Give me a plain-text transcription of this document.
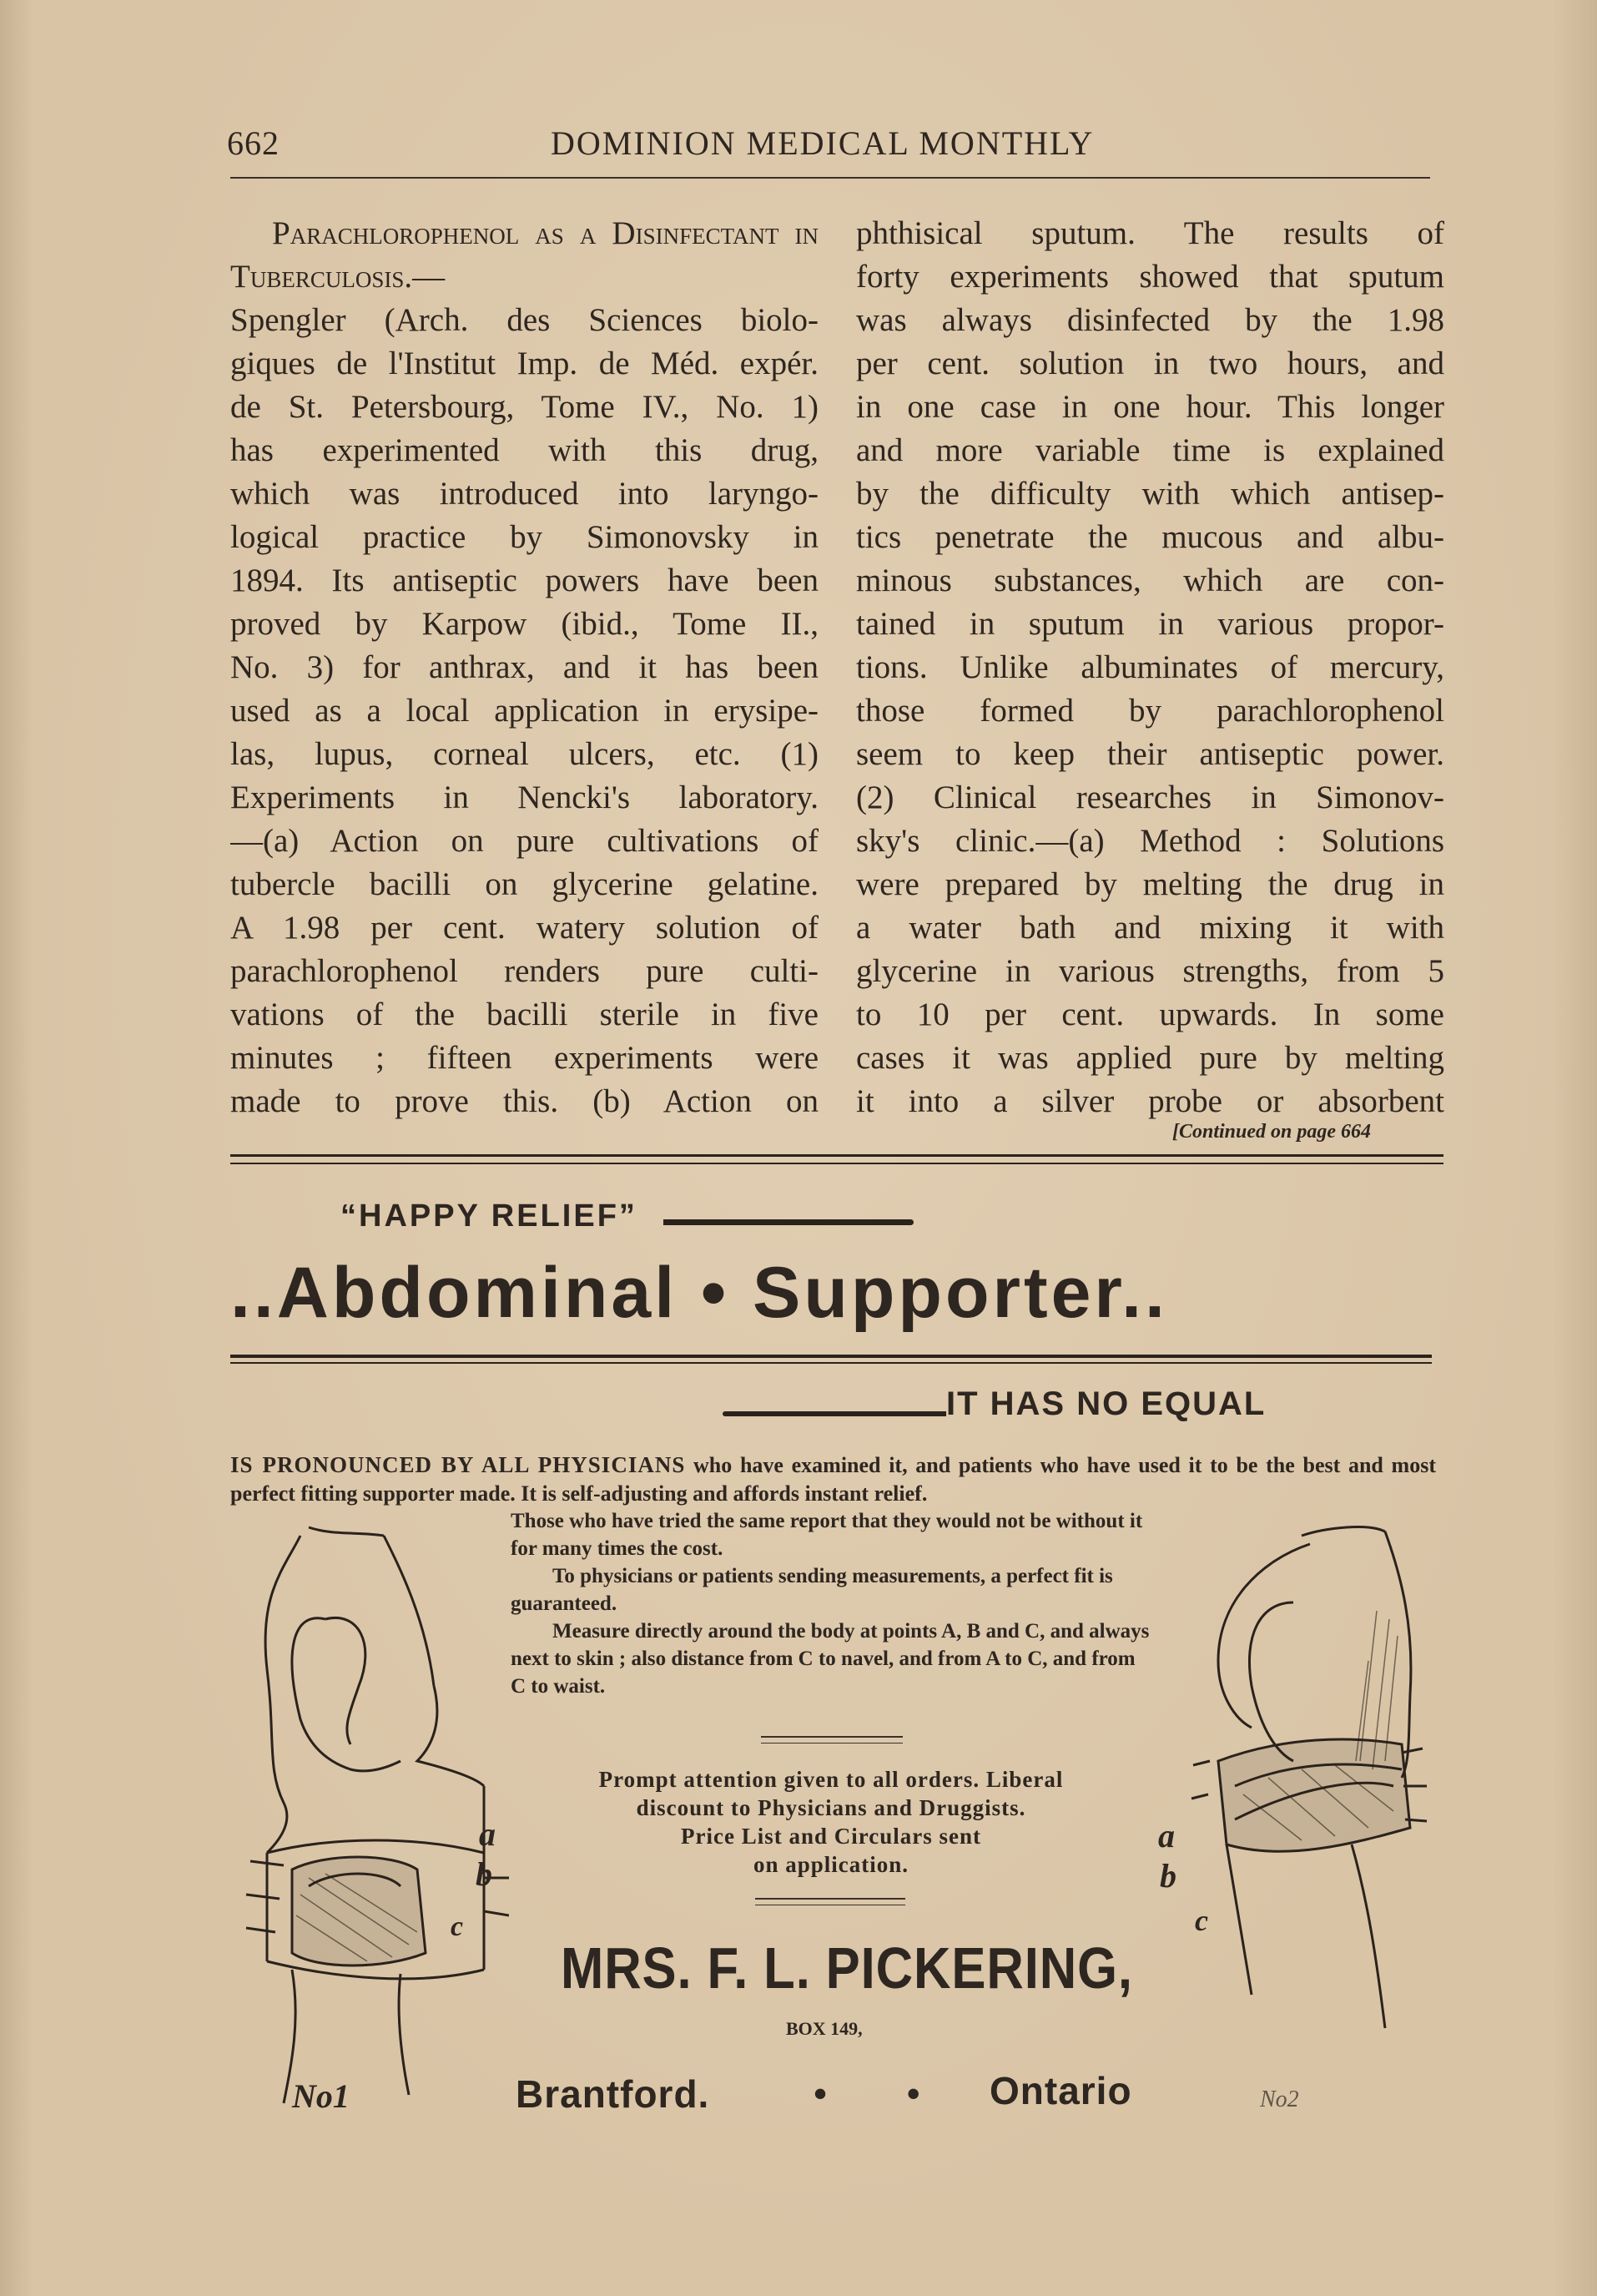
662	DOMINION MEDICAL MONTHLY
Parachlorophenol as a Disinfectant in Tuberculosis.—
Spengler (Arch. des Sciences biolo-
giques de l'Institut Imp. de Méd. expér.
de St. Petersbourg, Tome IV., No. 1)
has experimented with this drug,
which was introduced into laryngo-
logical practice by Simonovsky in
1894. Its antiseptic powers have been
proved by Karpow (ibid., Tome II.,
No. 3) for anthrax, and it has been
used as a local application in erysipe-
las, lupus, corneal ulcers, etc. (1)
Experiments in Nencki's laboratory.
—(a) Action on pure cultivations of
tubercle bacilli on glycerine gelatine.
A 1.98 per cent. watery solution of
parachlorophenol renders pure culti-
vations of the bacilli sterile in five
minutes ; fifteen experiments were
made to prove this. (b) Action on
phthisical sputum. The results of
forty experiments showed that sputum
was always disinfected by the 1.98
per cent. solution in two hours, and
in one case in one hour. This longer
and more variable time is explained
by the difficulty with which antisep-
tics penetrate the mucous and albu-
minous substances, which are con-
tained in sputum in various propor-
tions. Unlike albuminates of mercury,
those formed by parachlorophenol
seem to keep their antiseptic power.
(2) Clinical researches in Simonov-
sky's clinic.—(a) Method : Solutions
were prepared by melting the drug in
a water bath and mixing it with
glycerine in various strengths, from 5
to 10 per cent. upwards. In some
cases it was applied pure by melting
it into a silver probe or absorbent
[Continued on page 664
“HAPPY RELIEF”
..Abdominal • Supporter..
IT HAS NO EQUAL
IS PRONOUNCED BY ALL PHYSICIANS who have examined it, and patients who have used it to be the best and most perfect fitting supporter made. It is self-adjusting and affords instant relief.

Those who have tried the same report that they would not be without it for many times the cost.

To physicians or patients sending measurements, a perfect fit is guaranteed.

Measure directly around the body at points A, B and C, and always next to skin ; also distance from C to navel, and from A to C, and from C to waist.

Prompt attention given to all orders. Liberal
discount to Physicians and Druggists.
Price List and Circulars sent
on application.
MRS. F. L. PICKERING,
BOX 149,
Brantford.	• • Ontario
a
b
c
No1
a
b
c
No2
